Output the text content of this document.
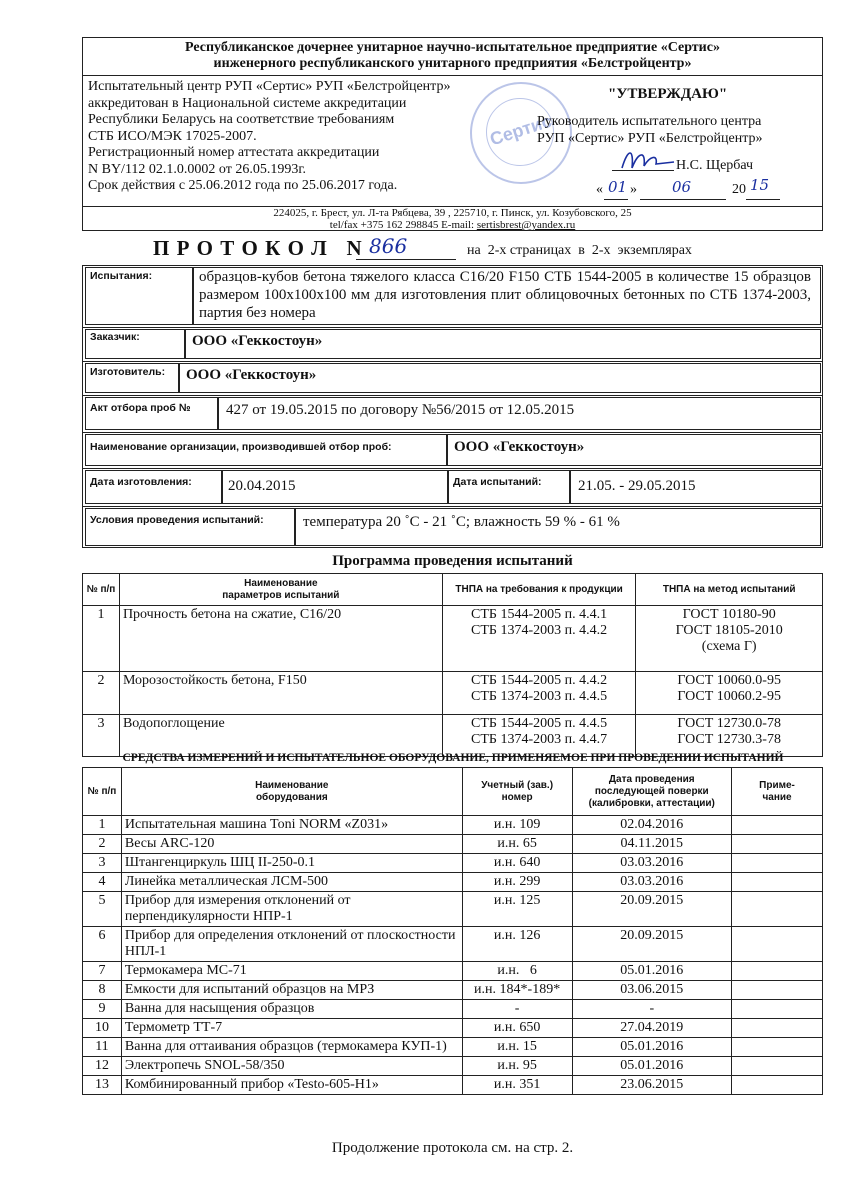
Республиканское дочернее унитарное научно-испытательное предприятие «Сертис»
инженерного республиканского унитарного предприятия «Белстройцентр»
Испытательный центр РУП «Сертис» РУП «Белстройцентр»
аккредитован в Национальной системе аккредитации
Республики Беларусь на соответствие требованиям
СТБ ИСО/МЭК 17025-2007.
Регистрационный номер аттестата аккредитации
N BY/112 02.1.0.0002 от 26.05.1993г.
Срок действия с 25.06.2012 года по 25.06.2017 года.
Сертис
"УТВЕРЖДАЮ"
Руководитель испытательного центра
РУП «Сертис» РУП «Белстройцентр»
Н.С. Щербач
« 01 » 06	20 15
224025, г. Брест, ул. Л-та Рябцева, 39 , 225710, г. Пинск, ул. Козубовского, 25
tel/fax +375 162 298845 E-mail: sertisbrest@yandex.ru
П Р О Т О К О Л   N 866	на  2-х страницах  в  2-х  экземплярах
Испытания:	образцов-кубов бетона тяжелого класса С16/20 F150 СТБ 1544-2005 в количестве 15 образцов размером 100х100х100 мм для изготовления плит облицовочных бетонных по СТБ 1374-2003, партия без номера
Заказчик:	ООО «Геккостоун»
Изготовитель: ООО «Геккостоун»
Акт отбора проб № 427 от 19.05.2015 по договору №56/2015 от 12.05.2015
Наименование организации, производившей отбор проб:	ООО «Геккостоун»
Дата изготовления: 20.04.2015	Дата испытаний: 21.05. - 29.05.2015
Условия проведения испытаний:	температура 20 ˚С - 21 ˚С; влажность 59 % - 61 %
Программа проведения испытаний
№ п/п	Наименование параметров испытаний	ТНПА на требования к продукции	ТНПА на метод испытаний
1	Прочность бетона на сжатие, С16/20	СТБ 1544-2005 п. 4.4.1
СТБ 1374-2003 п. 4.4.2	ГОСТ 10180-90
ГОСТ 18105-2010
(схема Г)
2	Морозостойкость бетона, F150	СТБ 1544-2005 п. 4.4.2
СТБ 1374-2003 п. 4.4.5	ГОСТ 10060.0-95
ГОСТ 10060.2-95
3	Водопоглощение	СТБ 1544-2005 п. 4.4.5
СТБ 1374-2003 п. 4.4.7	ГОСТ 12730.0-78
ГОСТ 12730.3-78
СРЕДСТВА ИЗМЕРЕНИЙ И ИСПЫТАТЕЛЬНОЕ ОБОРУДОВАНИЕ, ПРИМЕНЯЕМОЕ ПРИ ПРОВЕДЕНИИ ИСПЫТАНИЙ
№ п/п	Наименование оборудования	Учетный (зав.) номер	Дата проведения последующей поверки (калибровки, аттестации)	Приме-чание
1	Испытательная машина Toni NORM «Z031»	и.н. 109	02.04.2016	
2	Весы АRC-120	и.н. 65	04.11.2015	
3	Штангенциркуль ШЦ II-250-0.1	и.н. 640	03.03.2016	
4	Линейка металлическая ЛСМ-500	и.н. 299	03.03.2016	
5	Прибор для измерения отклонений от перпендикулярности НПР-1	и.н. 125	20.09.2015	
6	Прибор для определения отклонений от плоскостности НПЛ-1	и.н. 126	20.09.2015	
7	Термокамера МС-71	и.н.   6	05.01.2016	
8	Емкости для испытаний образцов на МРЗ	и.н. 184*-189*	03.06.2015	
9	Ванна для насыщения образцов	-	-	
10	Термометр ТТ-7	и.н. 650	27.04.2019	
11	Ванна для оттаивания образцов (термокамера КУП-1)	и.н. 15	05.01.2016	
12	Электропечь SNOL-58/350	и.н. 95	05.01.2016	
13	Комбинированный прибор «Testo-605-H1»	и.н. 351	23.06.2015	
Продолжение протокола см. на стр. 2.
